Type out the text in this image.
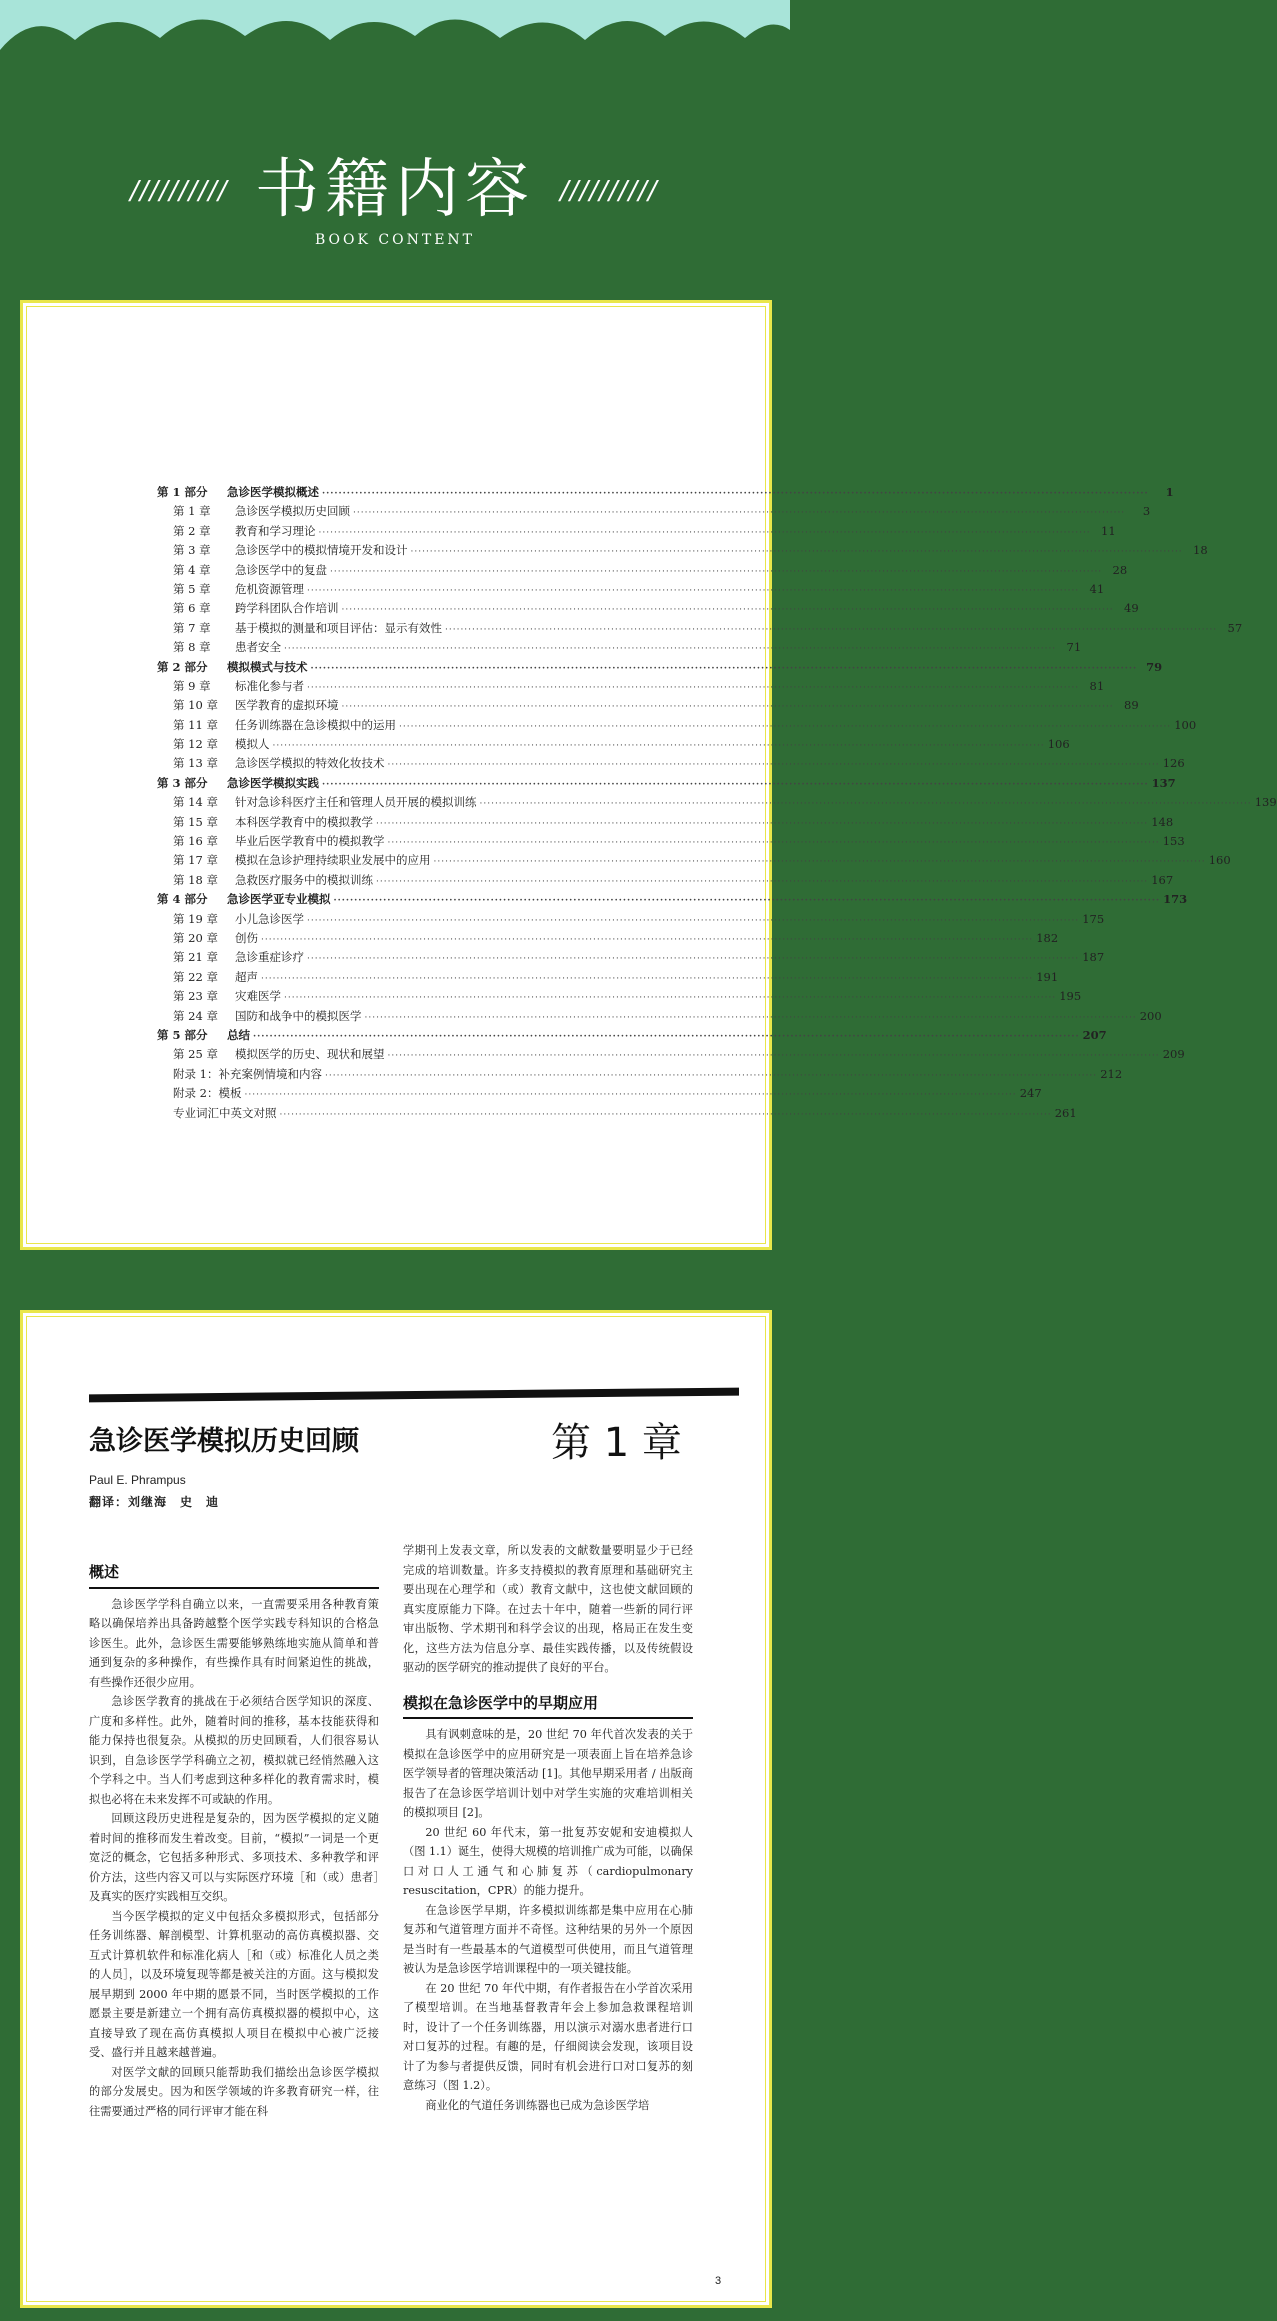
////////// 书籍内容 //////////
BOOK CONTENT
第 1 部分	急诊医学模拟概述 ········································································································································································································	1
第 1 章	急诊医学模拟历史回顾 ········································································································································································································	3
第 2 章	教育和学习理论 ········································································································································································································ 11
第 3 章	急诊医学中的模拟情境开发和设计 ········································································································································································································ 18
第 4 章	急诊医学中的复盘 ········································································································································································································ 28
第 5 章	危机资源管理 ········································································································································································································ 41
第 6 章	跨学科团队合作培训 ········································································································································································································ 49
第 7 章	基于模拟的测量和项目评估：显示有效性 ········································································································································································································ 57
第 8 章	患者安全 ········································································································································································································ 71
第 2 部分	模拟模式与技术 ········································································································································································································ 79
第 9 章	标准化参与者 ········································································································································································································ 81
第 10 章	医学教育的虚拟环境 ········································································································································································································ 89
第 11 章	任务训练器在急诊模拟中的运用 ········································································································································································································ 100
第 12 章	模拟人 ········································································································································································································ 106
第 13 章	急诊医学模拟的特效化妆技术 ········································································································································································································ 126
第 3 部分	急诊医学模拟实践 ········································································································································································································ 137
第 14 章	针对急诊科医疗主任和管理人员开展的模拟训练 ········································································································································································································ 139
第 15 章	本科医学教育中的模拟教学 ········································································································································································································ 148
第 16 章	毕业后医学教育中的模拟教学 ········································································································································································································ 153
第 17 章	模拟在急诊护理持续职业发展中的应用 ········································································································································································································ 160
第 18 章	急救医疗服务中的模拟训练 ········································································································································································································ 167
第 4 部分	急诊医学亚专业模拟 ········································································································································································································ 173
第 19 章	小儿急诊医学 ········································································································································································································ 175
第 20 章	创伤 ········································································································································································································ 182
第 21 章	急诊重症诊疗 ········································································································································································································ 187
第 22 章	超声 ········································································································································································································ 191
第 23 章	灾难医学 ········································································································································································································ 195
第 24 章	国防和战争中的模拟医学 ········································································································································································································ 200
第 5 部分	总结 ········································································································································································································ 207
第 25 章	模拟医学的历史、现状和展望 ········································································································································································································ 209
附录 1：补充案例情境和内容 ········································································································································································································ 212
附录 2：模板 ········································································································································································································ 247
专业词汇中英文对照 ········································································································································································································ 261
急诊医学模拟历史回顾	第 1 章
Paul E. Phrampus
翻译：刘继海　史　迪
概述

急诊医学学科自确立以来，一直需要采用各种教育策略以确保培养出具备跨越整个医学实践专科知识的合格急诊医生。此外，急诊医生需要能够熟练地实施从简单和普通到复杂的多种操作，有些操作具有时间紧迫性的挑战，有些操作还很少应用。

急诊医学教育的挑战在于必须结合医学知识的深度、广度和多样性。此外，随着时间的推移，基本技能获得和能力保持也很复杂。从模拟的历史回顾看，人们很容易认识到，自急诊医学学科确立之初，模拟就已经悄然融入这个学科之中。当人们考虑到这种多样化的教育需求时，模拟也必将在未来发挥不可或缺的作用。

回顾这段历史进程是复杂的，因为医学模拟的定义随着时间的推移而发生着改变。目前，“模拟”一词是一个更宽泛的概念，它包括多种形式、多项技术、多种教学和评价方法，这些内容又可以与实际医疗环境［和（或）患者］及真实的医疗实践相互交织。

当今医学模拟的定义中包括众多模拟形式，包括部分任务训练器、解剖模型、计算机驱动的高仿真模拟器、交互式计算机软件和标准化病人［和（或）标准化人员之类的人员］，以及环境复现等都是被关注的方面。这与模拟发展早期到 2000 年中期的愿景不同，当时医学模拟的工作愿景主要是新建立一个拥有高仿真模拟器的模拟中心，这直接导致了现在高仿真模拟人项目在模拟中心被广泛接受、盛行并且越来越普遍。

对医学文献的回顾只能帮助我们描绘出急诊医学模拟的部分发展史。因为和医学领域的许多教育研究一样，往往需要通过严格的同行评审才能在科

学期刊上发表文章，所以发表的文献数量要明显少于已经完成的培训数量。许多支持模拟的教育原理和基础研究主要出现在心理学和（或）教育文献中，这也使文献回顾的真实度原能力下降。在过去十年中，随着一些新的同行评审出版物、学术期刊和科学会议的出现，格局正在发生变化，这些方法为信息分享、最佳实践传播，以及传统假设驱动的医学研究的推动提供了良好的平台。

模拟在急诊医学中的早期应用

具有讽刺意味的是，20 世纪 70 年代首次发表的关于模拟在急诊医学中的应用研究是一项表面上旨在培养急诊医学领导者的管理决策活动 [1]。其他早期采用者 / 出版商报告了在急诊医学培训计划中对学生实施的灾难培训相关的模拟项目 [2]。

20 世纪 60 年代末，第一批复苏安妮和安迪模拟人（图 1.1）诞生，使得大规模的培训推广成为可能，以确保口对口人工通气和心肺复苏（cardiopulmonary resuscitation，CPR）的能力提升。

在急诊医学早期，许多模拟训练都是集中应用在心肺复苏和气道管理方面并不奇怪。这种结果的另外一个原因是当时有一些最基本的气道模型可供使用，而且气道管理被认为是急诊医学培训课程中的一项关键技能。

在 20 世纪 70 年代中期，有作者报告在小学首次采用了模型培训。在当地基督教青年会上参加急救课程培训时，设计了一个任务训练器，用以演示对溺水患者进行口对口复苏的过程。有趣的是，仔细阅读会发现，该项目设计了为参与者提供反馈，同时有机会进行口对口复苏的刻意练习（图 1.2）。

商业化的气道任务训练器也已成为急诊医学培

3
